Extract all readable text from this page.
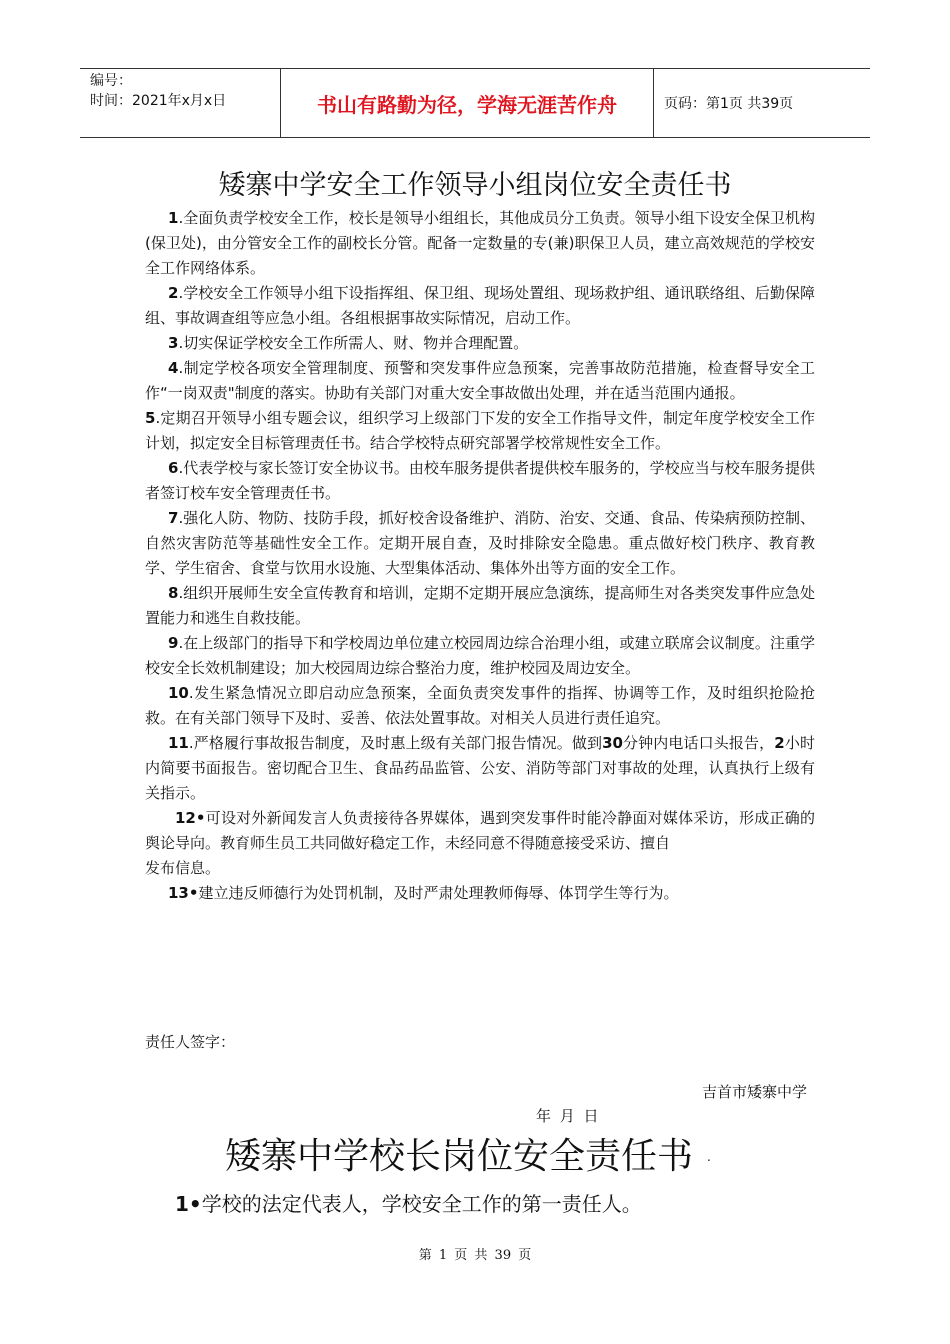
编号：
时间：2021年x月x日	书山有路勤为径，学海无涯苦作舟	页码：第1页 共39页
矮寨中学安全工作领导小组岗位安全责任书

1.全面负责学校安全工作，校长是领导小组组长，其他成员分工负责。领导小组下设安全保卫机构(保卫处)，由分管安全工作的副校长分管。配备一定数量的专(兼)职保卫人员，建立高效规范的学校安全工作网络体系。

2.学校安全工作领导小组下设指挥组、保卫组、现场处置组、现场救护组、通讯联络组、后勤保障组、事故调查组等应急小组。各组根据事故实际情况，启动工作。

3.切实保证学校安全工作所需人、财、物并合理配置。

4.制定学校各项安全管理制度、预警和突发事件应急预案，完善事故防范措施，检查督导安全工作“一岗双责"制度的落实。协助有关部门对重大安全事故做出处理，并在适当范围内通报。

5.定期召开领导小组专题会议，组织学习上级部门下发的安全工作指导文件，制定年度学校安全工作计划，拟定安全目标管理责任书。结合学校特点研究部署学校常规性安全工作。

6.代表学校与家长签订安全协议书。由校车服务提供者提供校车服务的，学校应当与校车服务提供者签订校车安全管理责任书。

7.强化人防、物防、技防手段，抓好校舍设备维护、消防、治安、交通、食品、传染病预防控制、自然灾害防范等基础性安全工作。定期开展自查，及时排除安全隐患。重点做好校门秩序、教育教学、学生宿舍、食堂与饮用水设施、大型集体活动、集体外出等方面的安全工作。

8.组织开展师生安全宣传教育和培训，定期不定期开展应急演练，提高师生对各类突发事件应急处置能力和逃生自救技能。

9.在上级部门的指导下和学校周边单位建立校园周边综合治理小组，或建立联席会议制度。注重学校安全长效机制建设；加大校园周边综合整治力度，维护校园及周边安全。

10.发生紧急情况立即启动应急预案，全面负责突发事件的指挥、协调等工作，及时组织抢险抢救。在有关部门领导下及时、妥善、依法处置事故。对相关人员进行责任追究。

11.严格履行事故报告制度，及时惠上级有关部门报告情况。做到30分钟内电话口头报告，2小时内简要书面报告。密切配合卫生、食品药品监管、公安、消防等部门对事故的处理，认真执行上级有关指示。

12•可设对外新闻发言人负责接待各界媒体，遇到突发事件时能冷静面对媒体采访，形成正确的舆论导向。教育师生员工共同做好稳定工作，未经同意不得随意接受采访、擅自

发布信息。

13•建立违反师德行为处罚机制，及时严肃处理教师侮辱、体罚学生等行为。

责任人签字：
吉首市矮寨中学
年 月 日
矮寨中学校长岗位安全责任书 .
1•学校的法定代表人，学校安全工作的第一责任人。
第 1 页 共 39 页
